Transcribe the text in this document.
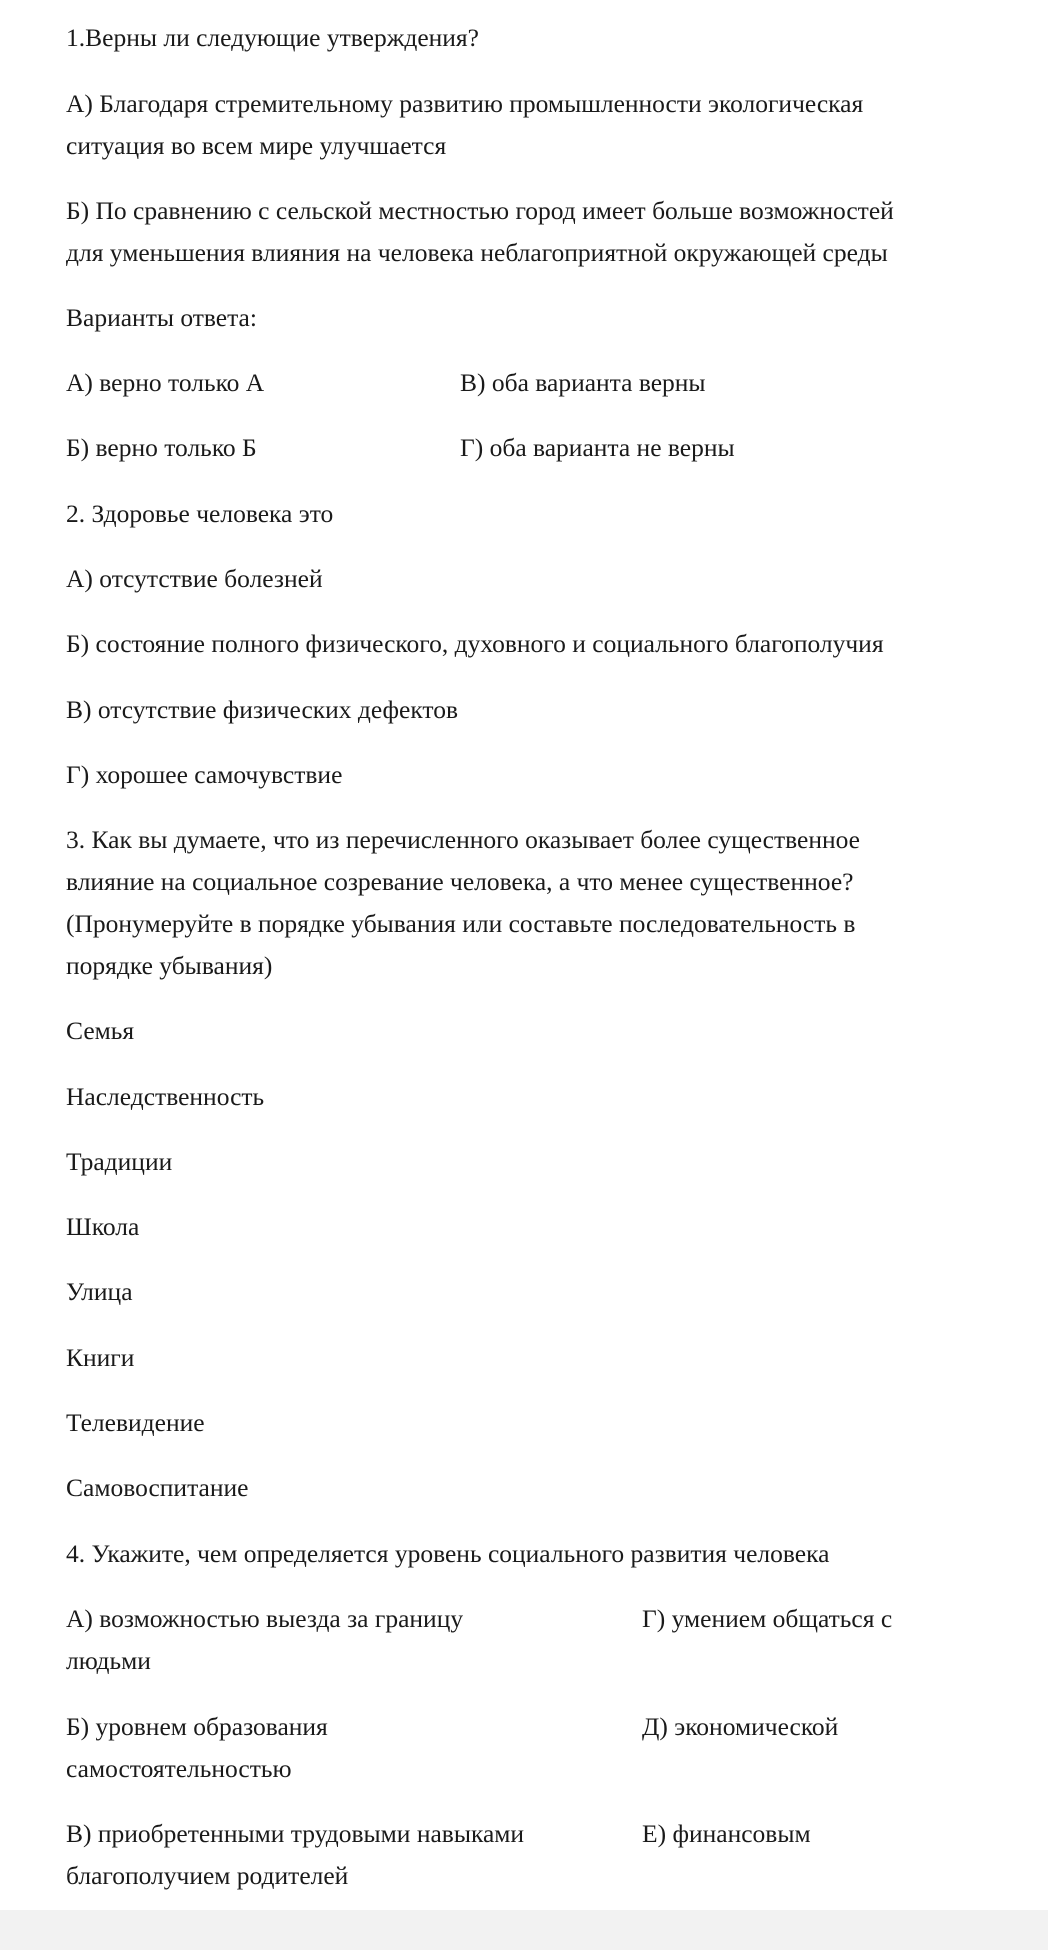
1.Верны ли следующие утверждения?
А) Благодаря стремительному развитию промышленности экологическая
ситуация во всем мире улучшается
Б) По сравнению с сельской местностью город имеет больше возможностей
для уменьшения влияния на человека неблагоприятной окружающей среды
Варианты ответа:
А) верно только А	В) оба варианта верны
Б) верно только Б	Г) оба варианта не верны
2. Здоровье человека это
А) отсутствие болезней
Б) состояние полного физического, духовного и социального благополучия
В) отсутствие физических дефектов
Г) хорошее самочувствие
3. Как вы думаете, что из перечисленного оказывает более существенное
влияние на социальное созревание человека, а что менее существенное?
(Пронумеруйте в порядке убывания или составьте последовательность в
порядке убывания)
Семья
Наследственность
Традиции
Школа
Улица
Книги
Телевидение
Самовоспитание
4. Укажите, чем определяется уровень социального развития человека
А) возможностью выезда за границу	Г) умением общаться с
людьми
Б) уровнем образования	Д) экономической
самостоятельностью
В) приобретенными трудовыми навыками	Е) финансовым
благополучием родителей
